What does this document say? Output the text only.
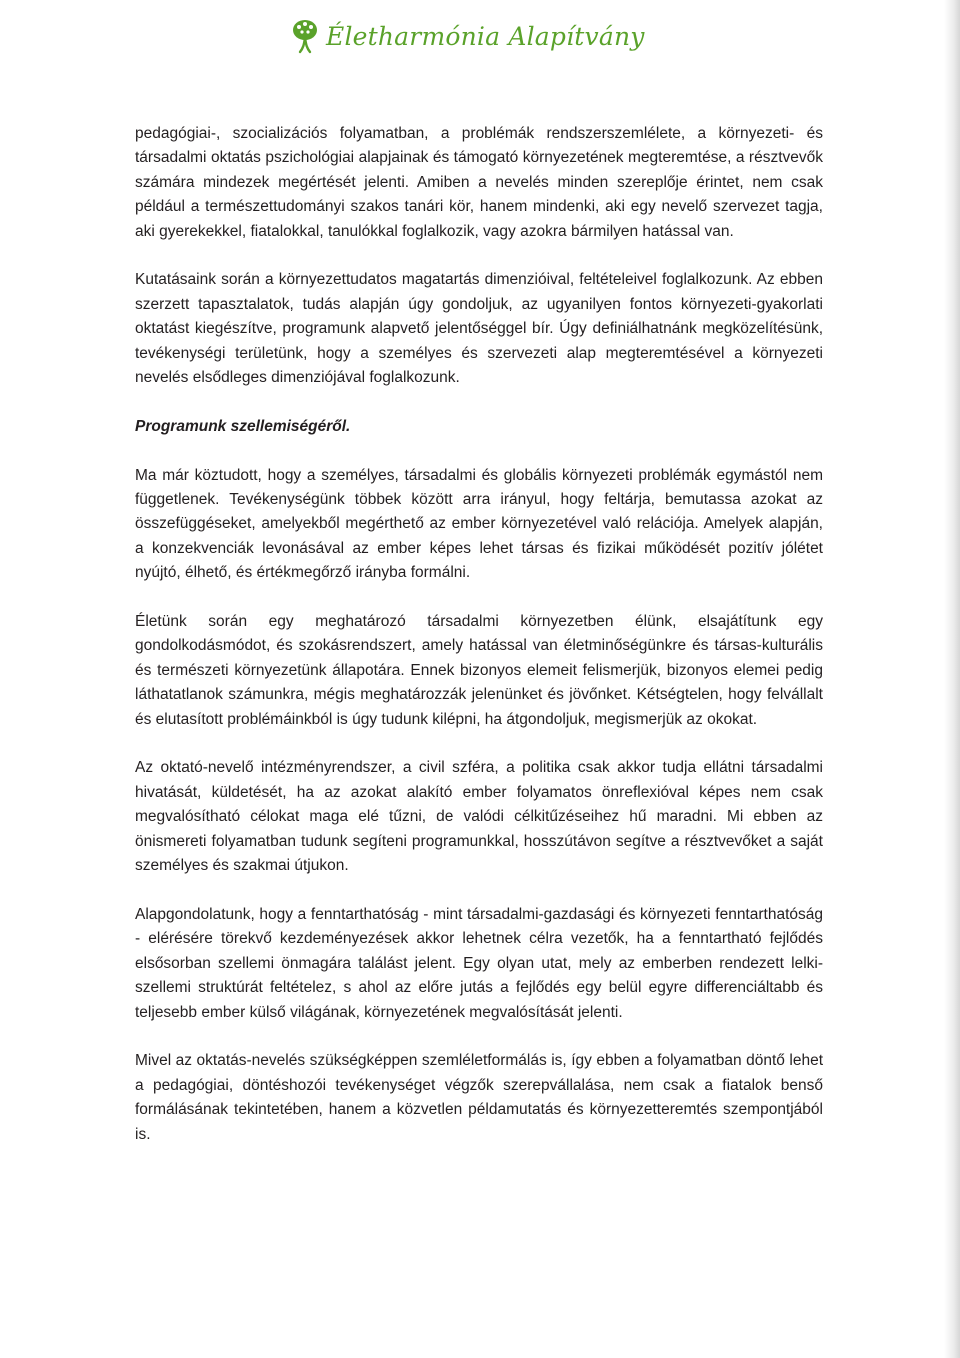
Életharmónia Alapítvány

pedagógiai-, szocializációs folyamatban, a problémák rendszerszemlélete, a környezeti- és társadalmi oktatás pszichológiai alapjainak és támogató környezetének megteremtése, a résztvevők számára mindezek megértését jelenti. Amiben a nevelés minden szereplője érintet, nem csak például a természettudományi szakos tanári kör, hanem mindenki, aki egy nevelő szervezet tagja, aki gyerekekkel, fiatalokkal, tanulókkal foglalkozik, vagy azokra bármilyen hatással van.

Kutatásaink során a környezettudatos magatartás dimenzióival, feltételeivel foglalkozunk. Az ebben szerzett tapasztalatok, tudás alapján úgy gondoljuk, az ugyanilyen fontos környezeti-gyakorlati oktatást kiegészítve, programunk alapvető jelentőséggel bír. Úgy definiálhatnánk megközelítésünk, tevékenységi területünk, hogy a személyes és szervezeti alap megteremtésével a környezeti nevelés elsődleges dimenziójával foglalkozunk.

Programunk szellemiségéről.

Ma már köztudott, hogy a személyes, társadalmi és globális környezeti problémák egymástól nem függetlenek. Tevékenységünk többek között arra irányul, hogy feltárja, bemutassa azokat az összefüggéseket, amelyekből megérthető az ember környezetével való relációja. Amelyek alapján, a konzekvenciák levonásával az ember képes lehet társas és fizikai működését pozitív jólétet nyújtó, élhető, és értékmegőrző irányba formálni.

Életünk során egy meghatározó társadalmi környezetben élünk, elsajátítunk egy gondolkodásmódot, és szokásrendszert, amely hatással van életminőségünkre és társas-kulturális és természeti környezetünk állapotára. Ennek bizonyos elemeit felismerjük, bizonyos elemei pedig láthatatlanok számunkra, mégis meghatározzák jelenünket és jövőnket. Kétségtelen, hogy felvállalt és elutasított problémáinkból is úgy tudunk kilépni, ha átgondoljuk, megismerjük az okokat.

Az oktató-nevelő intézményrendszer, a civil szféra, a politika csak akkor tudja ellátni társadalmi hivatását, küldetését, ha az azokat alakító ember folyamatos önreflexióval képes nem csak megvalósítható célokat maga elé tűzni, de valódi célkitűzéseihez hű maradni. Mi ebben az önismereti folyamatban tudunk segíteni programunkkal, hosszútávon segítve a résztvevőket a saját személyes és szakmai útjukon.

Alapgondolatunk, hogy a fenntarthatóság - mint társadalmi-gazdasági és környezeti fenntarthatóság - elérésére törekvő kezdeményezések akkor lehetnek célra vezetők, ha a fenntartható fejlődés elsősorban szellemi önmagára találást jelent. Egy olyan utat, mely az emberben rendezett lelki-szellemi struktúrát feltételez, s ahol az előre jutás a fejlődés egy belül egyre differenciáltabb és teljesebb ember külső világának, környezetének megvalósítását jelenti.

Mivel az oktatás-nevelés szükségképpen szemléletformálás is, így ebben a folyamatban döntő lehet a pedagógiai, döntéshozói tevékenységet végzők szerepvállalása, nem csak a fiatalok benső formálásának tekintetében, hanem a közvetlen példamutatás és környezetteremtés szempontjából is.
